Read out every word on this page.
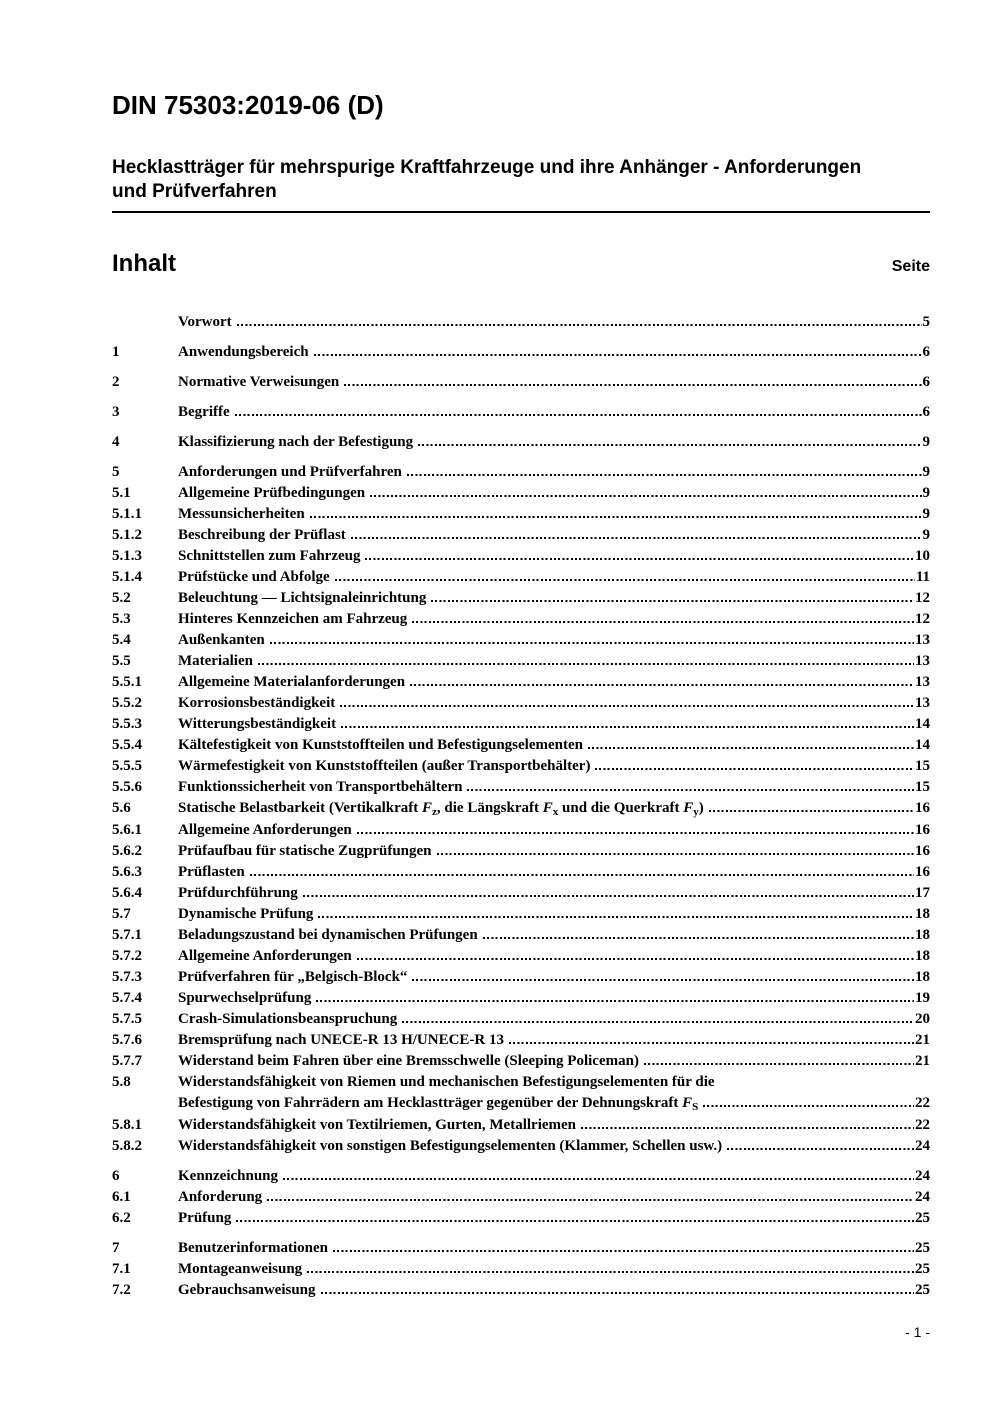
DIN 75303:2019-06 (D)
Hecklastträger für mehrspurige Kraftfahrzeuge und ihre Anhänger - Anforderungen
und Prüfverfahren
Inhalt	Seite
Vorwort	5
1	Anwendungsbereich	6
2	Normative Verweisungen	6
3	Begriffe	6
4	Klassifizierung nach der Befestigung	9
5	Anforderungen und Prüfverfahren	9
5.1	Allgemeine Prüfbedingungen	9
5.1.1	Messunsicherheiten	9
5.1.2	Beschreibung der Prüflast	9
5.1.3	Schnittstellen zum Fahrzeug	10
5.1.4	Prüfstücke und Abfolge	11
5.2	Beleuchtung — Lichtsignaleinrichtung	12
5.3	Hinteres Kennzeichen am Fahrzeug	12
5.4	Außenkanten	13
5.5	Materialien	13
5.5.1	Allgemeine Materialanforderungen	13
5.5.2	Korrosionsbeständigkeit	13
5.5.3	Witterungsbeständigkeit	14
5.5.4	Kältefestigkeit von Kunststoffteilen und Befestigungselementen	14
5.5.5	Wärmefestigkeit von Kunststoffteilen (außer Transportbehälter)	15
5.5.6	Funktionssicherheit von Transportbehältern	15
5.6	Statische Belastbarkeit (Vertikalkraft $F_z$, die Längskraft $F_x$ und die Querkraft $F_y$)	16
5.6.1	Allgemeine Anforderungen	16
5.6.2	Prüfaufbau für statische Zugprüfungen	16
5.6.3	Prüflasten	16
5.6.4	Prüfdurchführung	17
5.7	Dynamische Prüfung	18
5.7.1	Beladungszustand bei dynamischen Prüfungen	18
5.7.2	Allgemeine Anforderungen	18
5.7.3	Prüfverfahren für „Belgisch-Block“	18
5.7.4	Spurwechselprüfung	19
5.7.5	Crash-Simulationsbeanspruchung	20
5.7.6	Bremsprüfung nach UNECE-R 13 H/UNECE-R 13	21
5.7.7	Widerstand beim Fahren über eine Bremsschwelle (Sleeping Policeman)	21
5.8	Widerstandsfähigkeit von Riemen und mechanischen Befestigungselementen für die
Befestigung von Fahrrädern am Hecklastträger gegenüber der Dehnungskraft $F_S$	22
5.8.1	Widerstandsfähigkeit von Textilriemen, Gurten, Metallriemen	22
5.8.2	Widerstandsfähigkeit von sonstigen Befestigungselementen (Klammer, Schellen usw.)	24
6	Kennzeichnung	24
6.1	Anforderung	24
6.2	Prüfung	25
7	Benutzerinformationen	25
7.1	Montageanweisung	25
7.2	Gebrauchsanweisung	25
- 1 -
